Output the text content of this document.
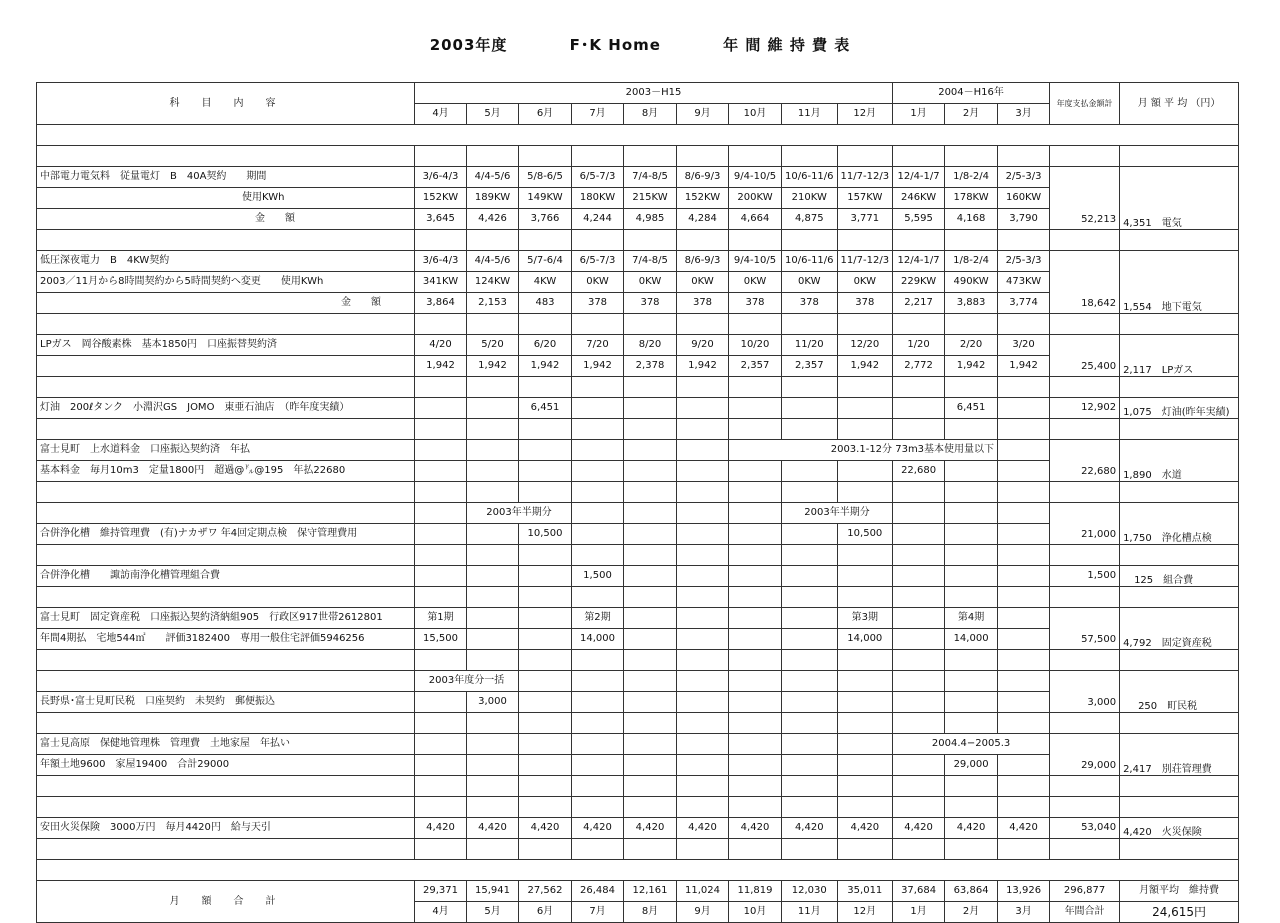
2003年度	F･K Home	年 間 維 持 費 表
科　目　内　容	2003－H15									2004－H16年			年度支払金額計	月 額 平 均 （円）
	4月	5月	6月	7月	8月	9月	10月	11月	12月	1月	2月	3月		

中部電力電気料　従量電灯　B　40A契約　　期間	3/6-4/3	4/4-5/6	5/8-6/5	6/5-7/3	7/4-8/5	8/6-9/3	9/4-10/5	10/6-11/6	11/7-12/3	12/4-1/7	1/8-2/4	2/5-3/3	52,213	4,351　電気
使用KWh	152KW	189KW	149KW	180KW	215KW	152KW	200KW	210KW	157KW	246KW	178KW	160KW		
金　　額	3,645	4,426	3,766	4,244	4,985	4,284	4,664	4,875	3,771	5,595	4,168	3,790		

低圧深夜電力　B　4KW契約	3/6-4/3	4/4-5/6	5/7-6/4	6/5-7/3	7/4-8/5	8/6-9/3	9/4-10/5	10/6-11/6	11/7-12/3	12/4-1/7	1/8-2/4	2/5-3/3	18,642	1,554　地下電気
2003／11月から8時間契約から5時間契約へ変更　　使用KWh	341KW	124KW	4KW	0KW	0KW	0KW	0KW	0KW	0KW	229KW	490KW	473KW		
金　　額	3,864	2,153	483	378	378	378	378	378	378	2,217	3,883	3,774		

LPガス　岡谷酸素株　基本1850円　口座振替契約済	4/20	5/20	6/20	7/20	8/20	9/20	10/20	11/20	12/20	1/20	2/20	3/20	25,400	2,117　LPガス
	1,942	1,942	1,942	1,942	2,378	1,942	2,357	2,357	1,942	2,772	1,942	1,942		

灯油　200ℓタンク　小淵沢GS　JOMO　東亜石油店　（昨年度実績）			6,451								6,451		12,902	1,075　灯油(昨年実績)

富士見町　上水道料金　口座振込契約済　年払							2003.1-12分 73m3基本使用量以下						22,680	1,890　水道
基本料金　毎月10m3　定量1800円　超過@㌦@195　年払22680										22,680				

		2003年半期分						2003年半期分					21,000	1,750　浄化槽点検
合併浄化槽　維持管理費　(有)ナカザワ 年4回定期点検　保守管理費用			10,500						10,500					

合併浄化槽　　諏訪南浄化槽管理組合費				1,500									1,500	125　組合費

富士見町　固定資産税　口座振込契約済納組905　行政区917世帯2612801	第1期			第2期					第3期		第4期		57,500	4,792　固定資産税
年間4期払　宅地544㎡　　評価3182400　専用一般住宅評価5946256	15,500			14,000					14,000		14,000			

	2003年度分一括												3,000	250　町民税
長野県･富士見町民税　口座契約　未契約　郵便振込		3,000												

富士見高原　保健地管理株　管理費　土地家屋　年払い										2004.4−2005.3			29,000	2,417　別荘管理費
年額土地9600　家屋19400　合計29000											29,000			

安田火災保険　3000万円　毎月4420円　給与天引	4,420	4,420	4,420	4,420	4,420	4,420	4,420	4,420	4,420	4,420	4,420	4,420	53,040	4,420　火災保険

月　額　合　計	29,371	15,941	27,562	26,484	12,161	11,024	11,819	12,030	35,011	37,684	63,864	13,926	296,877	月額平均　維持費
	4月	5月	6月	7月	8月	9月	10月	11月	12月	1月	2月	3月	年間合計	24,615円
